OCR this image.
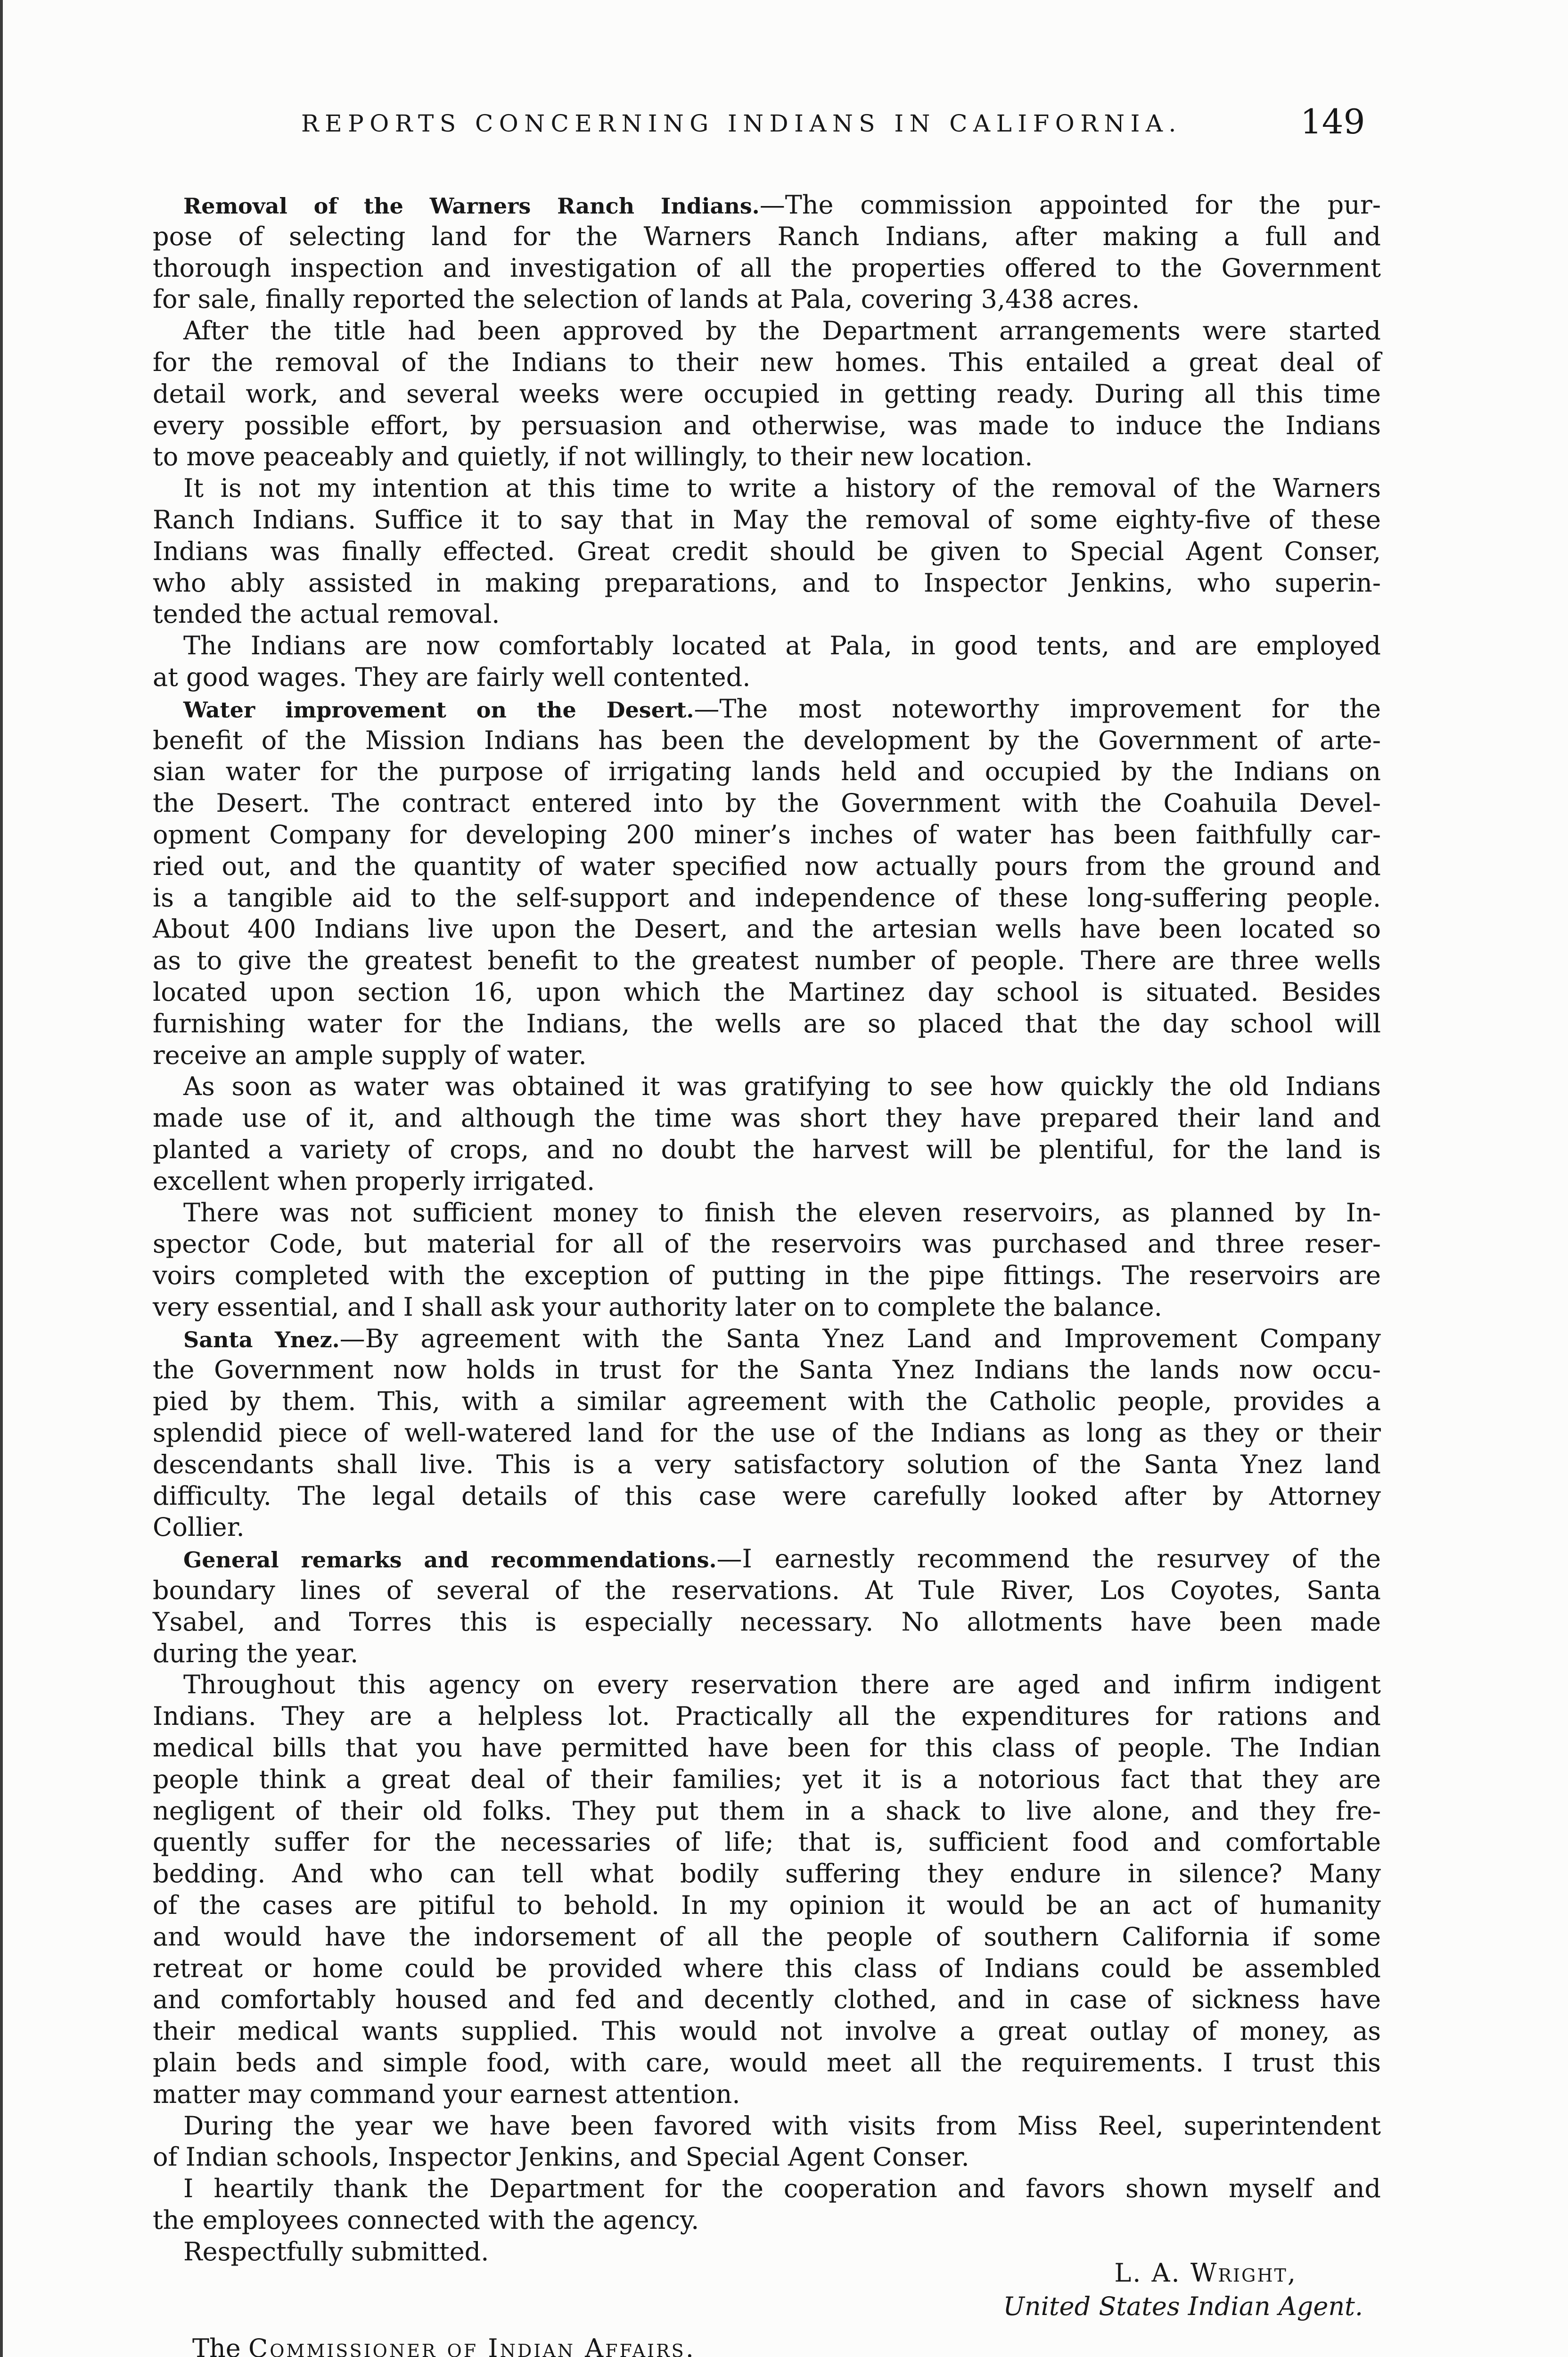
REPORTS CONCERNING INDIANS IN CALIFORNIA.	149
Removal of the Warners Ranch Indians.—The commission appointed for the pur-
pose of selecting land for the Warners Ranch Indians, after making a full and
thorough inspection and investigation of all the properties offered to the Government
for sale, finally reported the selection of lands at Pala, covering 3,438 acres.
After the title had been approved by the Department arrangements were started
for the removal of the Indians to their new homes. This entailed a great deal of
detail work, and several weeks were occupied in getting ready. During all this time
every possible effort, by persuasion and otherwise, was made to induce the Indians
to move peaceably and quietly, if not willingly, to their new location.
It is not my intention at this time to write a history of the removal of the Warners
Ranch Indians. Suffice it to say that in May the removal of some eighty-five of these
Indians was finally effected. Great credit should be given to Special Agent Conser,
who ably assisted in making preparations, and to Inspector Jenkins, who superin-
tended the actual removal.
The Indians are now comfortably located at Pala, in good tents, and are employed
at good wages. They are fairly well contented.
Water improvement on the Desert.—The most noteworthy improvement for the
benefit of the Mission Indians has been the development by the Government of arte-
sian water for the purpose of irrigating lands held and occupied by the Indians on
the Desert. The contract entered into by the Government with the Coahuila Devel-
opment Company for developing 200 miner’s inches of water has been faithfully car-
ried out, and the quantity of water specified now actually pours from the ground and
is a tangible aid to the self-support and independence of these long-suffering people.
About 400 Indians live upon the Desert, and the artesian wells have been located so
as to give the greatest benefit to the greatest number of people. There are three wells
located upon section 16, upon which the Martinez day school is situated. Besides
furnishing water for the Indians, the wells are so placed that the day school will
receive an ample supply of water.
As soon as water was obtained it was gratifying to see how quickly the old Indians
made use of it, and although the time was short they have prepared their land and
planted a variety of crops, and no doubt the harvest will be plentiful, for the land is
excellent when properly irrigated.
There was not sufficient money to finish the eleven reservoirs, as planned by In-
spector Code, but material for all of the reservoirs was purchased and three reser-
voirs completed with the exception of putting in the pipe fittings. The reservoirs are
very essential, and I shall ask your authority later on to complete the balance.
Santa Ynez.—By agreement with the Santa Ynez Land and Improvement Company
the Government now holds in trust for the Santa Ynez Indians the lands now occu-
pied by them. This, with a similar agreement with the Catholic people, provides a
splendid piece of well-watered land for the use of the Indians as long as they or their
descendants shall live. This is a very satisfactory solution of the Santa Ynez land
difficulty. The legal details of this case were carefully looked after by Attorney
Collier.
General remarks and recommendations.—I earnestly recommend the resurvey of the
boundary lines of several of the reservations. At Tule River, Los Coyotes, Santa
Ysabel, and Torres this is especially necessary. No allotments have been made
during the year.
Throughout this agency on every reservation there are aged and infirm indigent
Indians. They are a helpless lot. Practically all the expenditures for rations and
medical bills that you have permitted have been for this class of people. The Indian
people think a great deal of their families; yet it is a notorious fact that they are
negligent of their old folks. They put them in a shack to live alone, and they fre-
quently suffer for the necessaries of life; that is, sufficient food and comfortable
bedding. And who can tell what bodily suffering they endure in silence? Many
of the cases are pitiful to behold. In my opinion it would be an act of humanity
and would have the indorsement of all the people of southern California if some
retreat or home could be provided where this class of Indians could be assembled
and comfortably housed and fed and decently clothed, and in case of sickness have
their medical wants supplied. This would not involve a great outlay of money, as
plain beds and simple food, with care, would meet all the requirements. I trust this
matter may command your earnest attention.
During the year we have been favored with visits from Miss Reel, superintendent
of Indian schools, Inspector Jenkins, and Special Agent Conser.
I heartily thank the Department for the cooperation and favors shown myself and
the employees connected with the agency.
Respectfully submitted.
L. A. Wright,
United States Indian Agent.
The Commissioner of Indian Affairs.
